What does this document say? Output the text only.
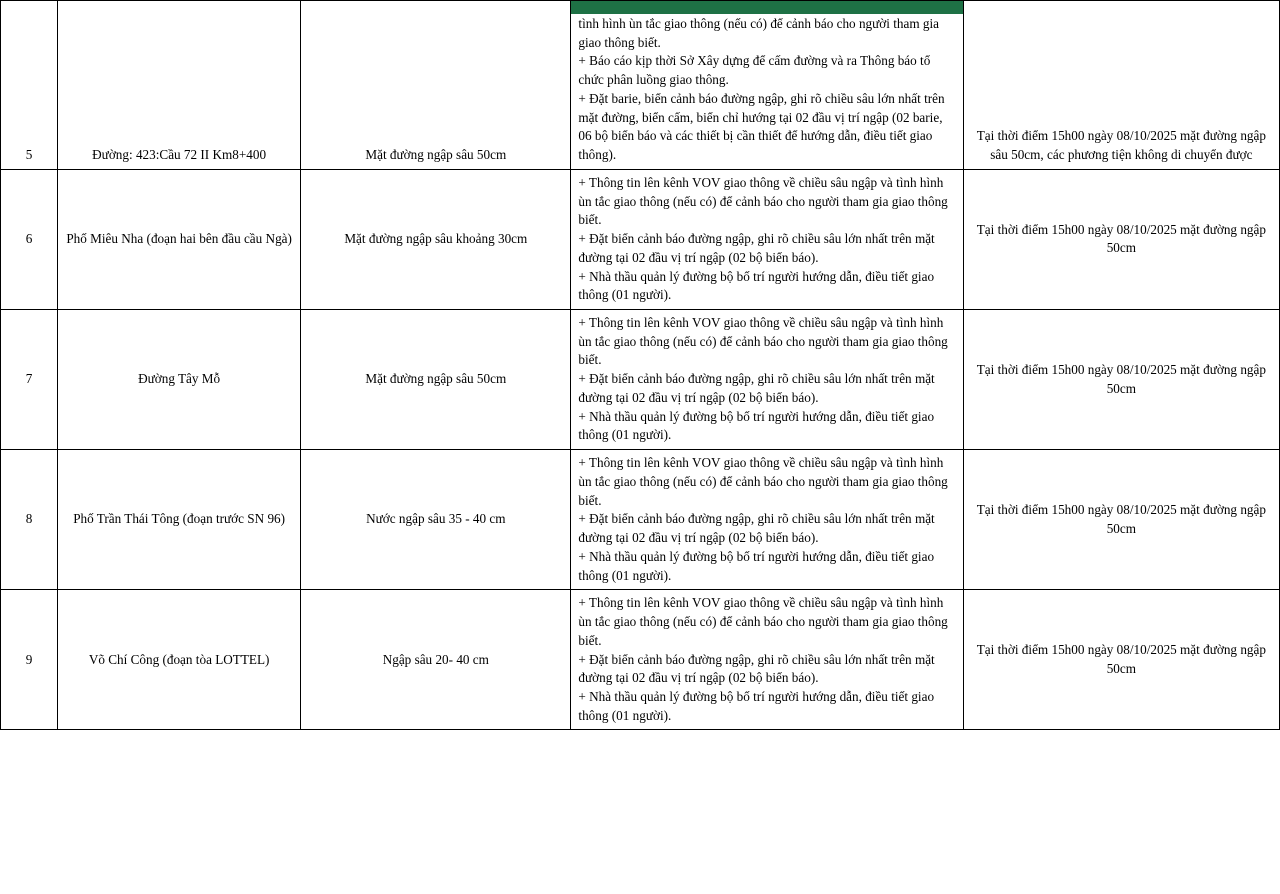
5	Đường: 423:Cầu 72 II Km8+400	Mặt đường ngập sâu 50cm	tình hình ùn tắc giao thông (nếu có) để cảnh báo cho người tham gia giao thông biết.
+ Báo cáo kịp thời Sở Xây dựng để cấm đường và ra Thông báo tổ chức phân luồng giao thông.
+ Đặt barie, biển cảnh báo đường ngập, ghi rõ chiều sâu lớn nhất trên mặt đường, biển cấm, biển chỉ hướng tại 02 đầu vị trí ngập (02 barie, 06 bộ biển báo và các thiết bị cần thiết để hướng dẫn, điều tiết giao thông).	Tại thời điểm 15h00 ngày 08/10/2025 mặt đường ngập sâu 50cm, các phương tiện không di chuyển được
6	Phố Miêu Nha (đoạn hai bên đầu cầu Ngà)	Mặt đường ngập sâu khoảng 30cm	+ Thông tin lên kênh VOV giao thông về chiều sâu ngập và tình hình ùn tắc giao thông (nếu có) để cảnh báo cho người tham gia giao thông biết.
+ Đặt biển cảnh báo đường ngập, ghi rõ chiều sâu lớn nhất trên mặt đường tại 02 đầu vị trí ngập (02 bộ biển báo).
+ Nhà thầu quản lý đường bộ bố trí người hướng dẫn, điều tiết giao thông (01 người).	Tại thời điểm 15h00 ngày 08/10/2025 mặt đường ngập 50cm
7	Đường Tây Mỗ	Mặt đường ngập sâu 50cm	+ Thông tin lên kênh VOV giao thông về chiều sâu ngập và tình hình ùn tắc giao thông (nếu có) để cảnh báo cho người tham gia giao thông biết.
+ Đặt biển cảnh báo đường ngập, ghi rõ chiều sâu lớn nhất trên mặt đường tại 02 đầu vị trí ngập (02 bộ biển báo).
+ Nhà thầu quản lý đường bộ bố trí người hướng dẫn, điều tiết giao thông (01 người).	Tại thời điểm 15h00 ngày 08/10/2025 mặt đường ngập 50cm
8	Phố Trần Thái Tông (đoạn trước SN 96)	Nước ngập sâu 35 - 40 cm	+ Thông tin lên kênh VOV giao thông về chiều sâu ngập và tình hình ùn tắc giao thông (nếu có) để cảnh báo cho người tham gia giao thông biết.
+ Đặt biển cảnh báo đường ngập, ghi rõ chiều sâu lớn nhất trên mặt đường tại 02 đầu vị trí ngập (02 bộ biển báo).
+ Nhà thầu quản lý đường bộ bố trí người hướng dẫn, điều tiết giao thông (01 người).	Tại thời điểm 15h00 ngày 08/10/2025 mặt đường ngập 50cm
9	Võ Chí Công (đoạn tòa LOTTEL)	Ngập sâu 20- 40 cm	+ Thông tin lên kênh VOV giao thông về chiều sâu ngập và tình hình ùn tắc giao thông (nếu có) để cảnh báo cho người tham gia giao thông biết.
+ Đặt biển cảnh báo đường ngập, ghi rõ chiều sâu lớn nhất trên mặt đường tại 02 đầu vị trí ngập (02 bộ biển báo).
+ Nhà thầu quản lý đường bộ bố trí người hướng dẫn, điều tiết giao thông (01 người).	Tại thời điểm 15h00 ngày 08/10/2025 mặt đường ngập 50cm
